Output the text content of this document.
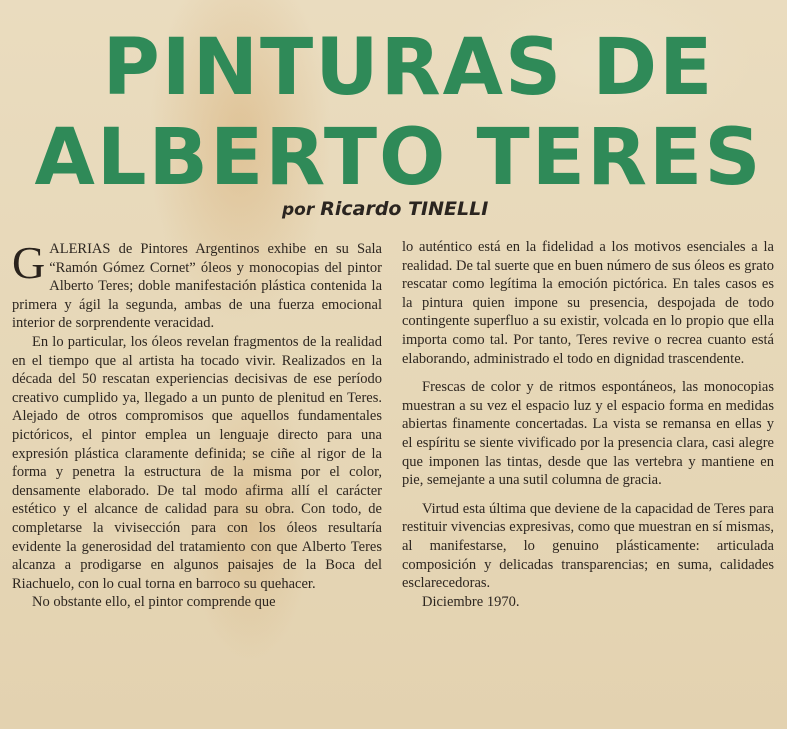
PINTURAS DE
ALBERTO TERES

por Ricardo TINELLI

GALERIAS de Pintores Argentinos exhibe en su Sala “Ramón Gómez Cornet” óleos y monocopias del pintor Alberto Teres; doble manifestación plástica contenida la primera y ágil la segunda, ambas de una fuerza emocional interior de sorprendente veracidad.

En lo particular, los óleos revelan fragmentos de la realidad en el tiempo que al artista ha tocado vivir. Realizados en la década del 50 rescatan experiencias decisivas de ese período creativo cumplido ya, llegado a un punto de plenitud en Teres. Alejado de otros compromisos que aquellos fundamentales pictóricos, el pintor emplea un lenguaje directo para una expresión plástica claramente definida; se ciñe al rigor de la forma y penetra la estructura de la misma por el color, densamente elaborado. De tal modo afirma allí el carácter estético y el alcance de calidad para su obra. Con todo, de completarse la vivisección para con los óleos resultaría evidente la generosidad del tratamiento con que Alberto Teres alcanza a prodigarse en algunos paisajes de la Boca del Riachuelo, con lo cual torna en barroco su quehacer.

No obstante ello, el pintor comprende que

lo auténtico está en la fidelidad a los motivos esenciales a la realidad. De tal suerte que en buen número de sus óleos es grato rescatar como legítima la emoción pictórica. En tales casos es la pintura quien impone su presencia, despojada de todo contingente superfluo a su existir, volcada en lo propio que ella importa como tal. Por tanto, Teres revive o recrea cuanto está elaborando, administrado el todo en dignidad trascendente.

Frescas de color y de ritmos espontáneos, las monocopias muestran a su vez el espacio luz y el espacio forma en medidas abiertas finamente concertadas. La vista se remansa en ellas y el espíritu se siente vivificado por la presencia clara, casi alegre que imponen las tintas, desde que las vertebra y mantiene en pie, semejante a una sutil columna de gracia.

Virtud esta última que deviene de la capacidad de Teres para restituir vivencias expresivas, como que muestran en sí mismas, al manifestarse, lo genuino plásticamente: articulada composición y delicadas transparencias; en suma, calidades esclarecedoras.

Diciembre 1970.
